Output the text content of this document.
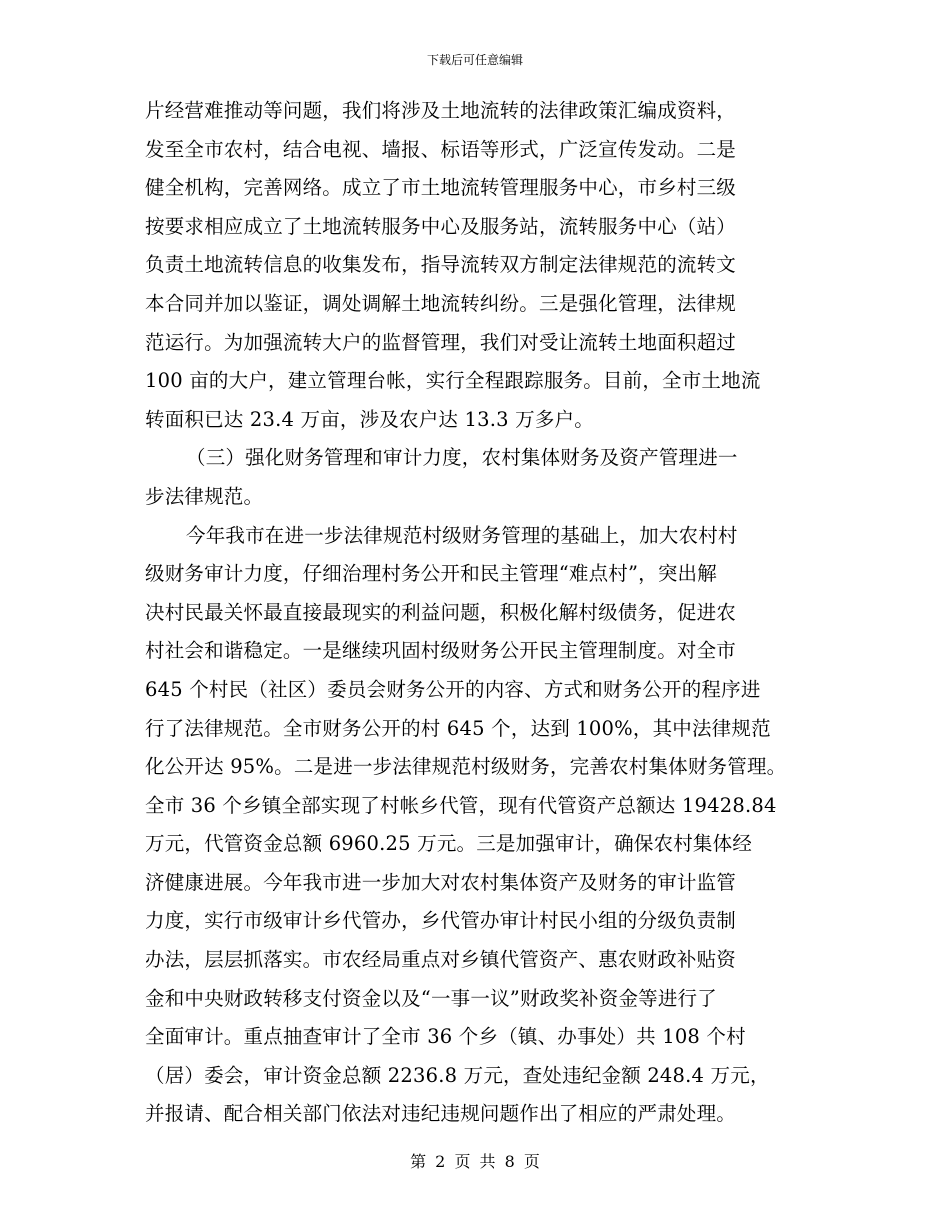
下载后可任意编辑
片经营难推动等问题，我们将涉及土地流转的法律政策汇编成资料，
发至全市农村，结合电视、墙报、标语等形式，广泛宣传发动。二是
健全机构，完善网络。成立了市土地流转管理服务中心，市乡村三级
按要求相应成立了土地流转服务中心及服务站，流转服务中心（站）
负责土地流转信息的收集发布，指导流转双方制定法律规范的流转文
本合同并加以鉴证，调处调解土地流转纠纷。三是强化管理，法律规
范运行。为加强流转大户的监督管理，我们对受让流转土地面积超过
100 亩的大户，建立管理台帐，实行全程跟踪服务。目前，全市土地流
转面积已达 23.4 万亩，涉及农户达 13.3 万多户。
（三）强化财务管理和审计力度，农村集体财务及资产管理进一
步法律规范。
今年我市在进一步法律规范村级财务管理的基础上，加大农村村
级财务审计力度，仔细治理村务公开和民主管理“难点村”，突出解
决村民最关怀最直接最现实的利益问题，积极化解村级债务，促进农
村社会和谐稳定。一是继续巩固村级财务公开民主管理制度。对全市
645 个村民（社区）委员会财务公开的内容、方式和财务公开的程序进
行了法律规范。全市财务公开的村 645 个，达到 100%，其中法律规范
化公开达 95%。二是进一步法律规范村级财务，完善农村集体财务管理。
全市 36 个乡镇全部实现了村帐乡代管，现有代管资产总额达 19428.84
万元，代管资金总额 6960.25 万元。三是加强审计，确保农村集体经
济健康进展。今年我市进一步加大对农村集体资产及财务的审计监管
力度，实行市级审计乡代管办，乡代管办审计村民小组的分级负责制
办法，层层抓落实。市农经局重点对乡镇代管资产、惠农财政补贴资
金和中央财政转移支付资金以及“一事一议”财政奖补资金等进行了
全面审计。重点抽查审计了全市 36 个乡（镇、办事处）共 108 个村
（居）委会，审计资金总额 2236.8 万元，查处违纪金额 248.4 万元，
并报请、配合相关部门依法对违纪违规问题作出了相应的严肃处理。
第 2 页 共 8 页
